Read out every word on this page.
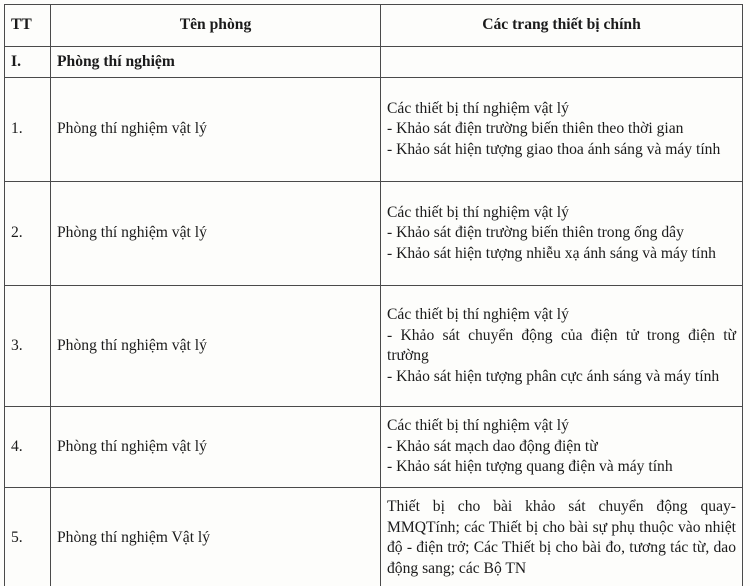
TT	Tên phòng	Các trang thiết bị chính
I.	Phòng thí nghiệm	
1.	Phòng thí nghiệm vật lý	Các thiết bị thí nghiệm vật lý
- Khảo sát điện trường biến thiên theo thời gian
- Khảo sát hiện tượng giao thoa ánh sáng và máy tính

2.	Phòng thí nghiệm vật lý	Các thiết bị thí nghiệm vật lý
- Khảo sát điện trường biến thiên trong ống dây
- Khảo sát hiện tượng nhiễu xạ ánh sáng và máy tính

3.	Phòng thí nghiệm vật lý	Các thiết bị thí nghiệm vật lý
- Khảo sát chuyển động của điện tử trong điện từ trường
- Khảo sát hiện tượng phân cực ánh sáng và máy tính

4.	Phòng thí nghiệm vật lý	Các thiết bị thí nghiệm vật lý
- Khảo sát mạch dao động điện từ
- Khảo sát hiện tượng quang điện và máy tính

5.	Phòng thí nghiệm Vật lý	Thiết bị cho bài khảo sát chuyển động quay-MMQTính; các Thiết bị cho bài sự phụ thuộc vào nhiệt độ - điện trở; Các Thiết bị cho bài đo, tương tác từ, dao động sang; các Bộ TN
